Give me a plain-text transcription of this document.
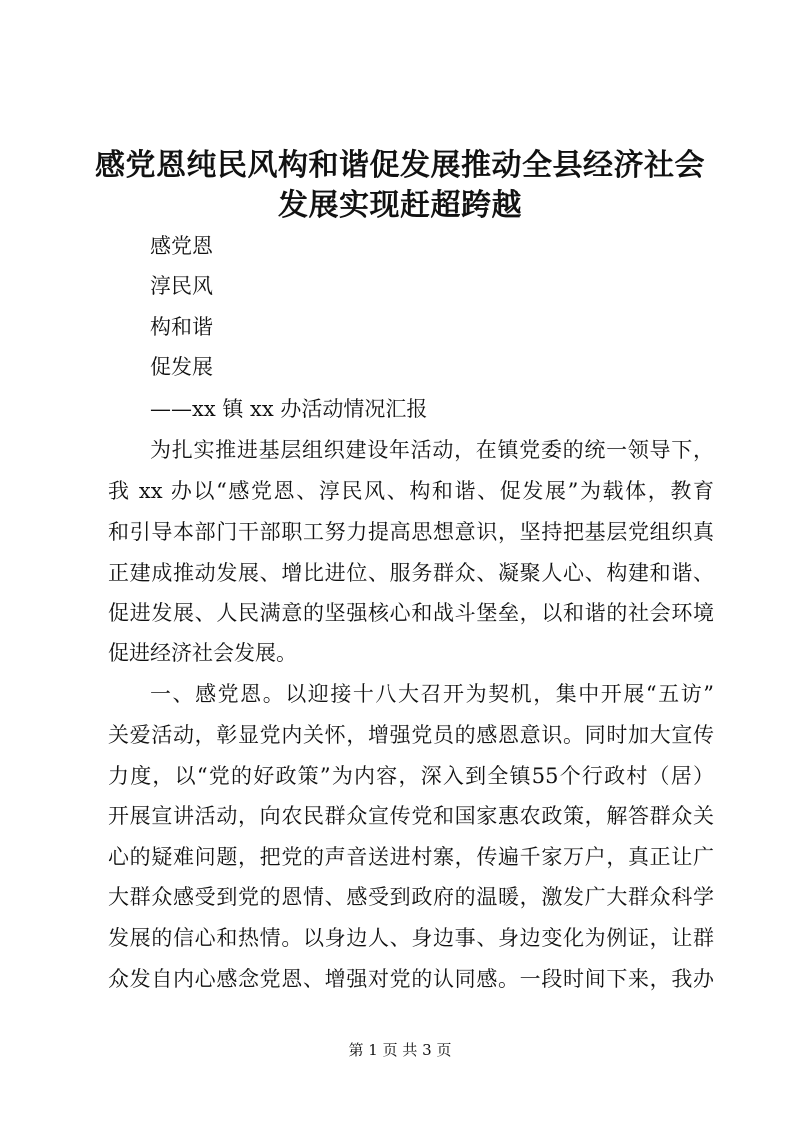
感党恩纯民风构和谐促发展推动全县经济社会
发展实现赶超跨越
感党恩
淳民风
构和谐
促发展
——xx 镇 xx 办活动情况汇报
为扎实推进基层组织建设年活动，在镇党委的统一领导下，
我 xx 办以“感党恩、淳民风、构和谐、促发展”为载体，教育
和引导本部门干部职工努力提高思想意识，坚持把基层党组织真
正建成推动发展、增比进位、服务群众、凝聚人心、构建和谐、
促进发展、人民满意的坚强核心和战斗堡垒，以和谐的社会环境
促进经济社会发展。
一、感党恩。以迎接十八大召开为契机，集中开展“五访”
关爱活动，彰显党内关怀，增强党员的感恩意识。同时加大宣传
力度，以“党的好政策”为内容，深入到全镇55个行政村（居）
开展宣讲活动，向农民群众宣传党和国家惠农政策，解答群众关
心的疑难问题，把党的声音送进村寨，传遍千家万户，真正让广
大群众感受到党的恩情、感受到政府的温暖，激发广大群众科学
发展的信心和热情。以身边人、身边事、身边变化为例证，让群
众发自内心感念党恩、增强对党的认同感。一段时间下来，我办
第 1 页 共 3 页
